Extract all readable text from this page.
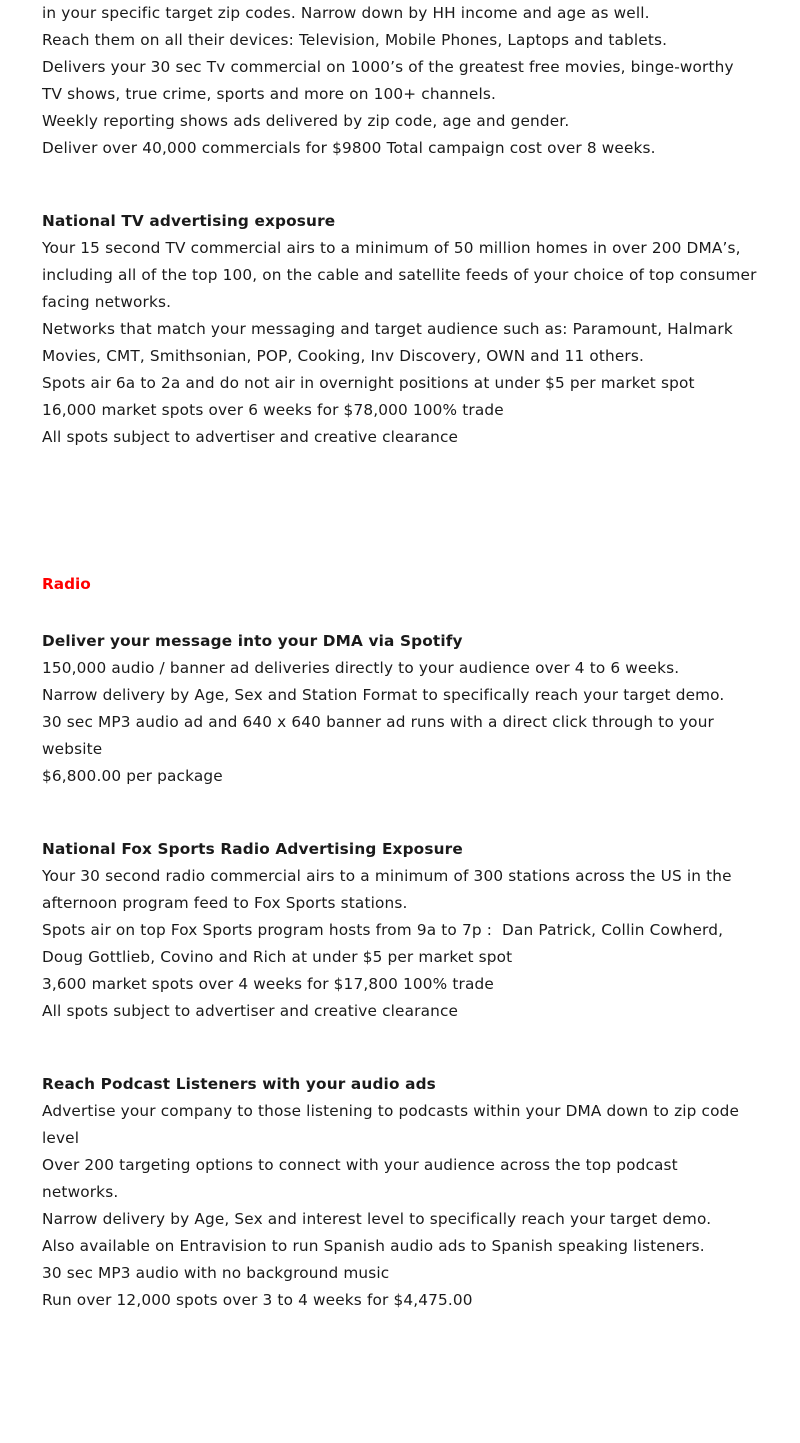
in your specific target zip codes. Narrow down by HH income and age as well.
Reach them on all their devices: Television, Mobile Phones, Laptops and tablets.
Delivers your 30 sec Tv commercial on 1000’s of the greatest free movies, binge-worthy TV shows, true crime, sports and more on 100+ channels.
Weekly reporting shows ads delivered by zip code, age and gender.
Deliver over 40,000 commercials for $9800 Total campaign cost over 8 weeks.
National TV advertising exposure
Your 15 second TV commercial airs to a minimum of 50 million homes in over 200 DMA’s, including all of the top 100, on the cable and satellite feeds of your choice of top consumer facing networks.
Networks that match your messaging and target audience such as: Paramount, Halmark Movies, CMT, Smithsonian, POP, Cooking, Inv Discovery, OWN and 11 others.
Spots air 6a to 2a and do not air in overnight positions at under $5 per market spot
16,000 market spots over 6 weeks for $78,000 100% trade
All spots subject to advertiser and creative clearance
Radio
Deliver your message into your DMA via Spotify
150,000 audio / banner ad deliveries directly to your audience over 4 to 6 weeks.
Narrow delivery by Age, Sex and Station Format to specifically reach your target demo.
30 sec MP3 audio ad and 640 x 640 banner ad runs with a direct click through to your website
$6,800.00 per package
National Fox Sports Radio Advertising Exposure
Your 30 second radio commercial airs to a minimum of 300 stations across the US in the afternoon program feed to Fox Sports stations.
Spots air on top Fox Sports program hosts from 9a to 7p :  Dan Patrick, Collin Cowherd, Doug Gottlieb, Covino and Rich at under $5 per market spot
3,600 market spots over 4 weeks for $17,800 100% trade
All spots subject to advertiser and creative clearance
Reach Podcast Listeners with your audio ads
Advertise your company to those listening to podcasts within your DMA down to zip code level
Over 200 targeting options to connect with your audience across the top podcast networks.
Narrow delivery by Age, Sex and interest level to specifically reach your target demo.
Also available on Entravision to run Spanish audio ads to Spanish speaking listeners.
30 sec MP3 audio with no background music
Run over 12,000 spots over 3 to 4 weeks for $4,475.00
